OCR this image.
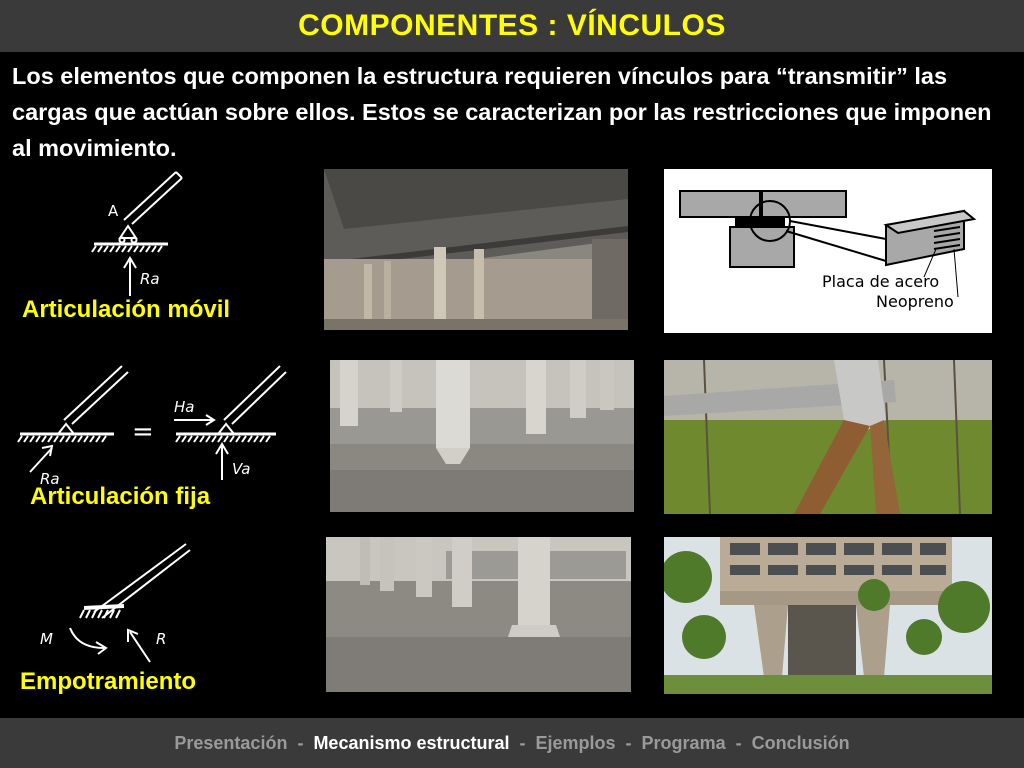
COMPONENTES : VÍNCULOS

Los elementos que componen la estructura requieren vínculos para “transmitir” las cargas que actúan sobre ellos. Estos se caracterizan por las restricciones que imponen al movimiento.

A
Ra
Articulación móvil
Placa de acero
Neopreno
=
Ra
Ha
Va
Articulación fija
M	R
Empotramiento
Presentación - Mecanismo estructural - Ejemplos - Programa - Conclusión
